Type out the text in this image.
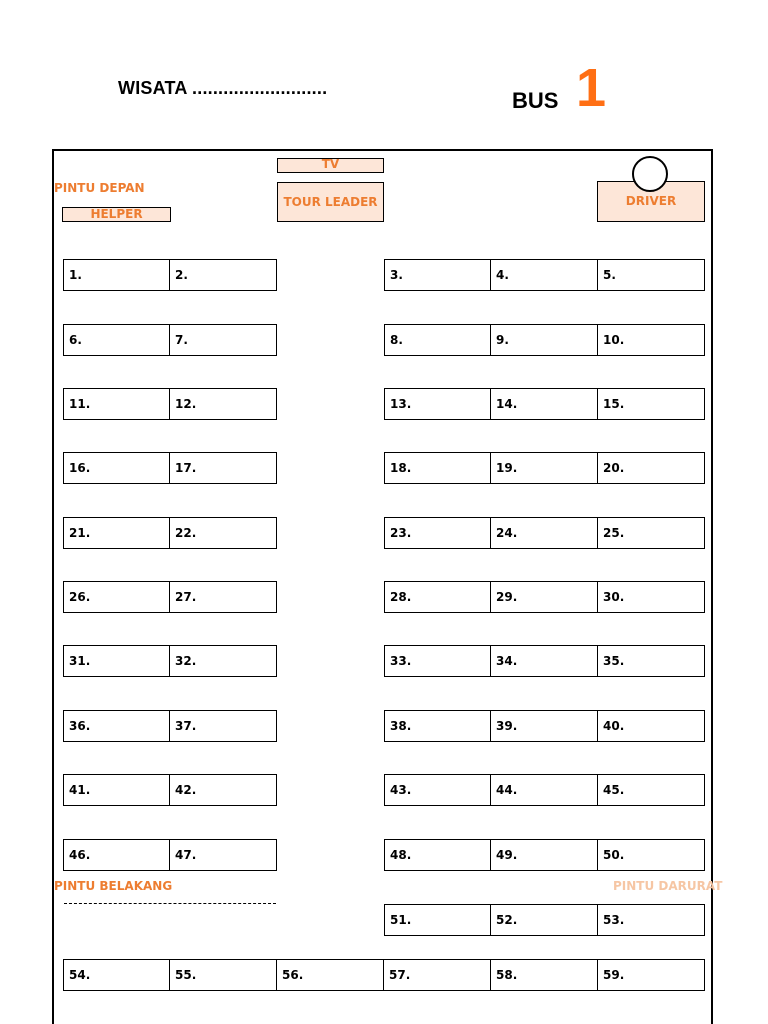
WISATA ..........................	BUS 1
TV
TOUR LEADER	DRIVER
HELPER
PINTU DEPAN
PINTU BELAKANG	PINTU DARURAT
1.	2.	3.	4.	5.
6.	7.	8.	9.	10.
11.	12.	13.	14.	15.
16.	17.	18.	19.	20.
21.	22.	23.	24.	25.
26.	27.	28.	29.	30.
31.	32.	33.	34.	35.
36.	37.	38.	39.	40.
41.	42.	43.	44.	45.
46.	47.	48.	49.	50.
51.	52.	53.
54.	55.	56.	57.	58.	59.
